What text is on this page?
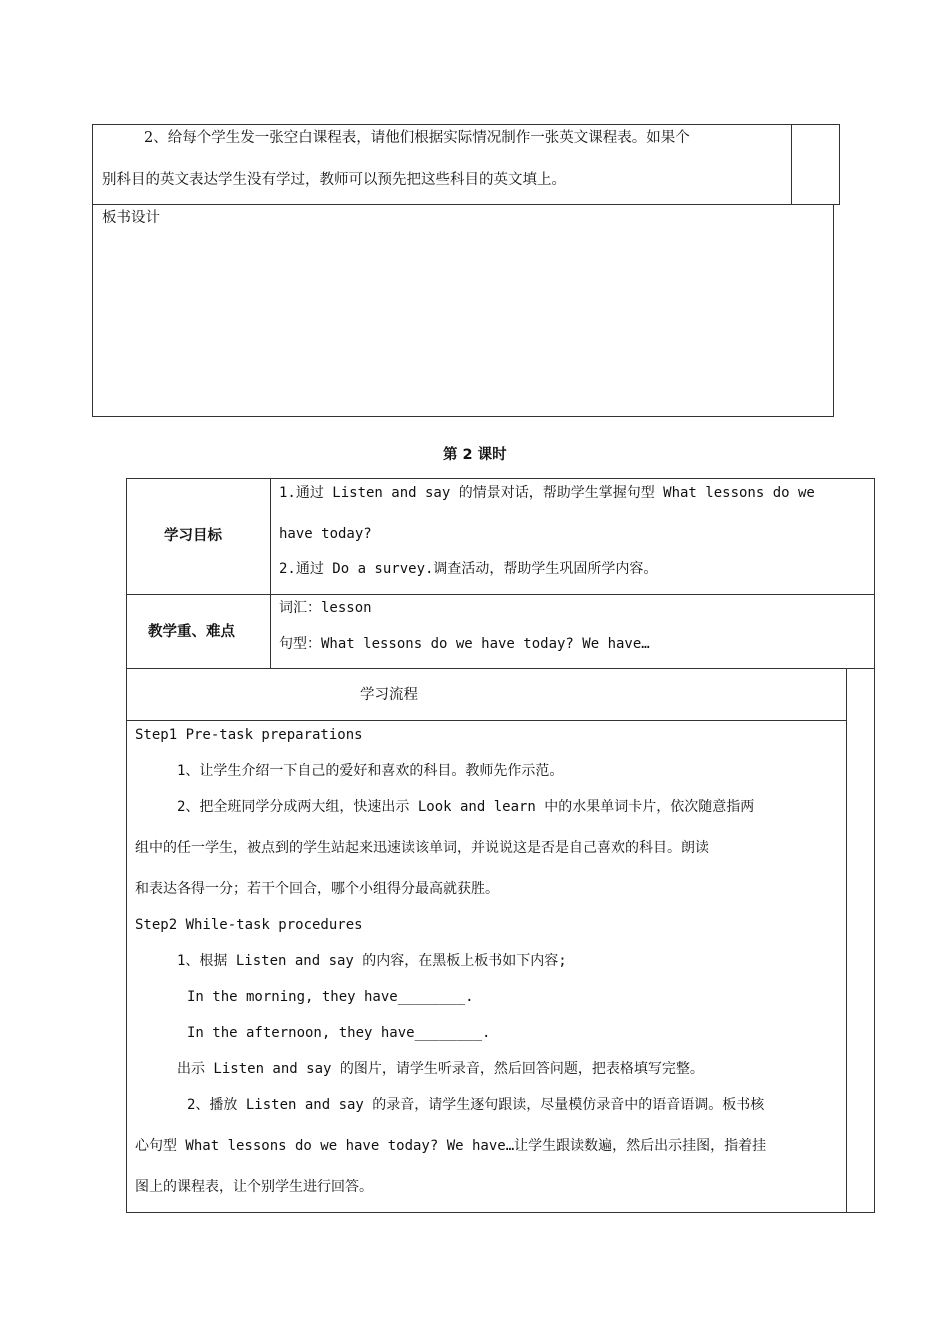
2、给每个学生发一张空白课程表，请他们根据实际情况制作一张英文课程表。如果个
别科目的英文表达学生没有学过，教师可以预先把这些科目的英文填上。
板书设计
第 2 课时
学习目标
1.通过 Listen and say 的情景对话，帮助学生掌握句型 What lessons do we
have today?
2.通过 Do a survey.调查活动，帮助学生巩固所学内容。
教学重、难点
词汇：lesson
句型：What lessons do we have today? We have…
学习流程
Step1 Pre-task preparations
1、让学生介绍一下自己的爱好和喜欢的科目。教师先作示范。
2、把全班同学分成两大组，快速出示 Look and learn 中的水果单词卡片，依次随意指两
组中的任一学生，被点到的学生站起来迅速读该单词，并说说这是否是自己喜欢的科目。朗读
和表达各得一分；若干个回合，哪个小组得分最高就获胜。
Step2 While-task procedures
1、根据 Listen and say 的内容，在黑板上板书如下内容;
In the morning, they have________.
In the afternoon, they have________.
出示 Listen and say 的图片，请学生听录音，然后回答问题，把表格填写完整。
2、播放 Listen and say 的录音，请学生逐句跟读，尽量模仿录音中的语音语调。板书核
心句型 What lessons do we have today? We have…让学生跟读数遍，然后出示挂图，指着挂
图上的课程表，让个别学生进行回答。
